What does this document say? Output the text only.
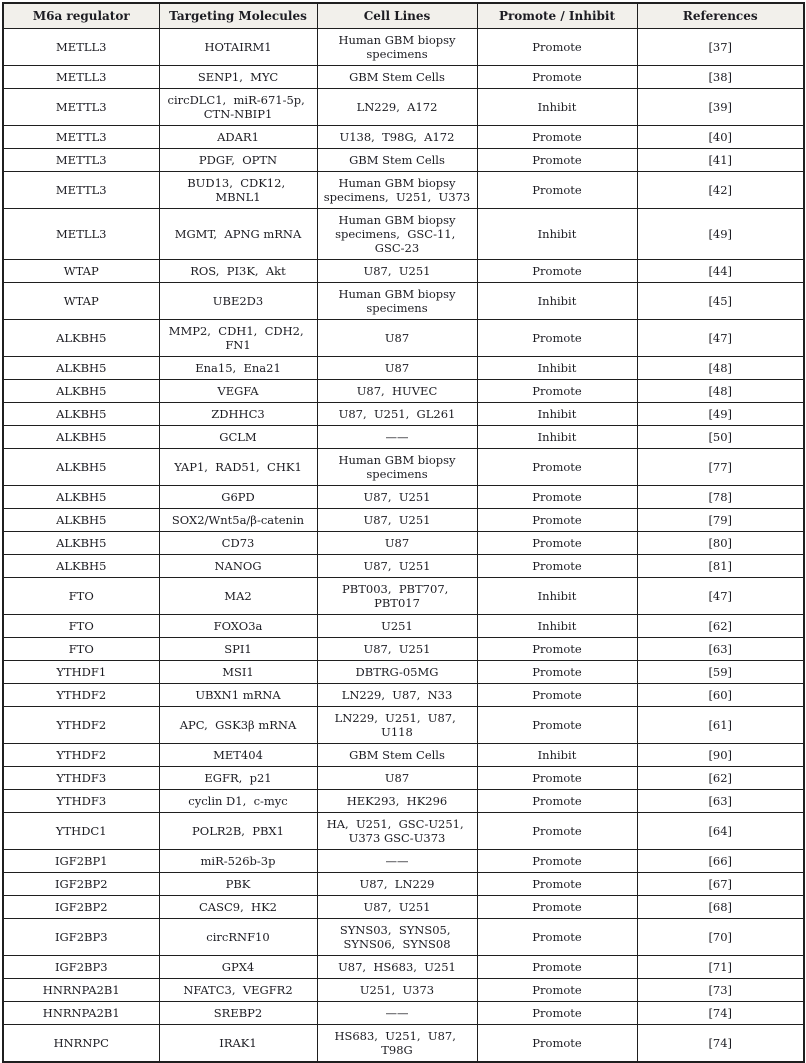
M6a regulator	Targeting Molecules	Cell Lines	Promote / Inhibit	References
METLL3	HOTAIRM1	Human GBM biopsy specimens	Promote	[37]
METLL3	SENP1,  MYC	GBM Stem Cells	Promote	[38]
METTL3	circDLC1,  miR-671-5p,  CTN-NBIP1	LN229,  A172	Inhibit	[39]
METTL3	ADAR1	U138,  T98G,  A172	Promote	[40]
METTL3	PDGF,  OPTN	GBM Stem Cells	Promote	[41]
METTL3	BUD13,  CDK12,  MBNL1	Human GBM biopsy specimens,  U251,  U373	Promote	[42]
METLL3	MGMT,  APNG mRNA	Human GBM biopsy specimens,  GSC-11,  GSC-23	Inhibit	[49]
WTAP	ROS,  PI3K,  Akt	U87,  U251	Promote	[44]
WTAP	UBE2D3	Human GBM biopsy specimens	Inhibit	[45]
ALKBH5	MMP2,  CDH1,  CDH2,  FN1	U87	Promote	[47]
ALKBH5	Ena15,  Ena21	U87	Inhibit	[48]
ALKBH5	VEGFA	U87,  HUVEC	Promote	[48]
ALKBH5	ZDHHC3	U87,  U251,  GL261	Inhibit	[49]
ALKBH5	GCLM	——	Inhibit	[50]
ALKBH5	YAP1,  RAD51,  CHK1	Human GBM biopsy specimens	Promote	[77]
ALKBH5	G6PD	U87,  U251	Promote	[78]
ALKBH5	SOX2/Wnt5a/β-catenin	U87,  U251	Promote	[79]
ALKBH5	CD73	U87	Promote	[80]
ALKBH5	NANOG	U87,  U251	Promote	[81]
FTO	MA2	PBT003,  PBT707,  PBT017	Inhibit	[47]
FTO	FOXO3a	U251	Inhibit	[62]
FTO	SPI1	U87,  U251	Promote	[63]
YTHDF1	MSI1	DBTRG-05MG	Promote	[59]
YTHDF2	UBXN1 mRNA	LN229,  U87,  N33	Promote	[60]
YTHDF2	APC,  GSK3β mRNA	LN229,  U251,  U87,  U118	Promote	[61]
YTHDF2	MET404	GBM Stem Cells	Inhibit	[90]
YTHDF3	EGFR,  p21	U87	Promote	[62]
YTHDF3	cyclin D1,  c-myc	HEK293,  HK296	Promote	[63]
YTHDC1	POLR2B,  PBX1	HA,  U251,  GSC-U251,  U373 GSC-U373	Promote	[64]
IGF2BP1	miR-526b-3p	——	Promote	[66]
IGF2BP2	PBK	U87,  LN229	Promote	[67]
IGF2BP2	CASC9,  HK2	U87,  U251	Promote	[68]
IGF2BP3	circRNF10	SYNS03,  SYNS05,  SYNS06,  SYNS08	Promote	[70]
IGF2BP3	GPX4	U87,  HS683,  U251	Promote	[71]
HNRNPA2B1	NFATC3,  VEGFR2	U251,  U373	Promote	[73]
HNRNPA2B1	SREBP2	——	Promote	[74]
HNRNPC	IRAK1	HS683,  U251,  U87,  T98G	Promote	[74]
